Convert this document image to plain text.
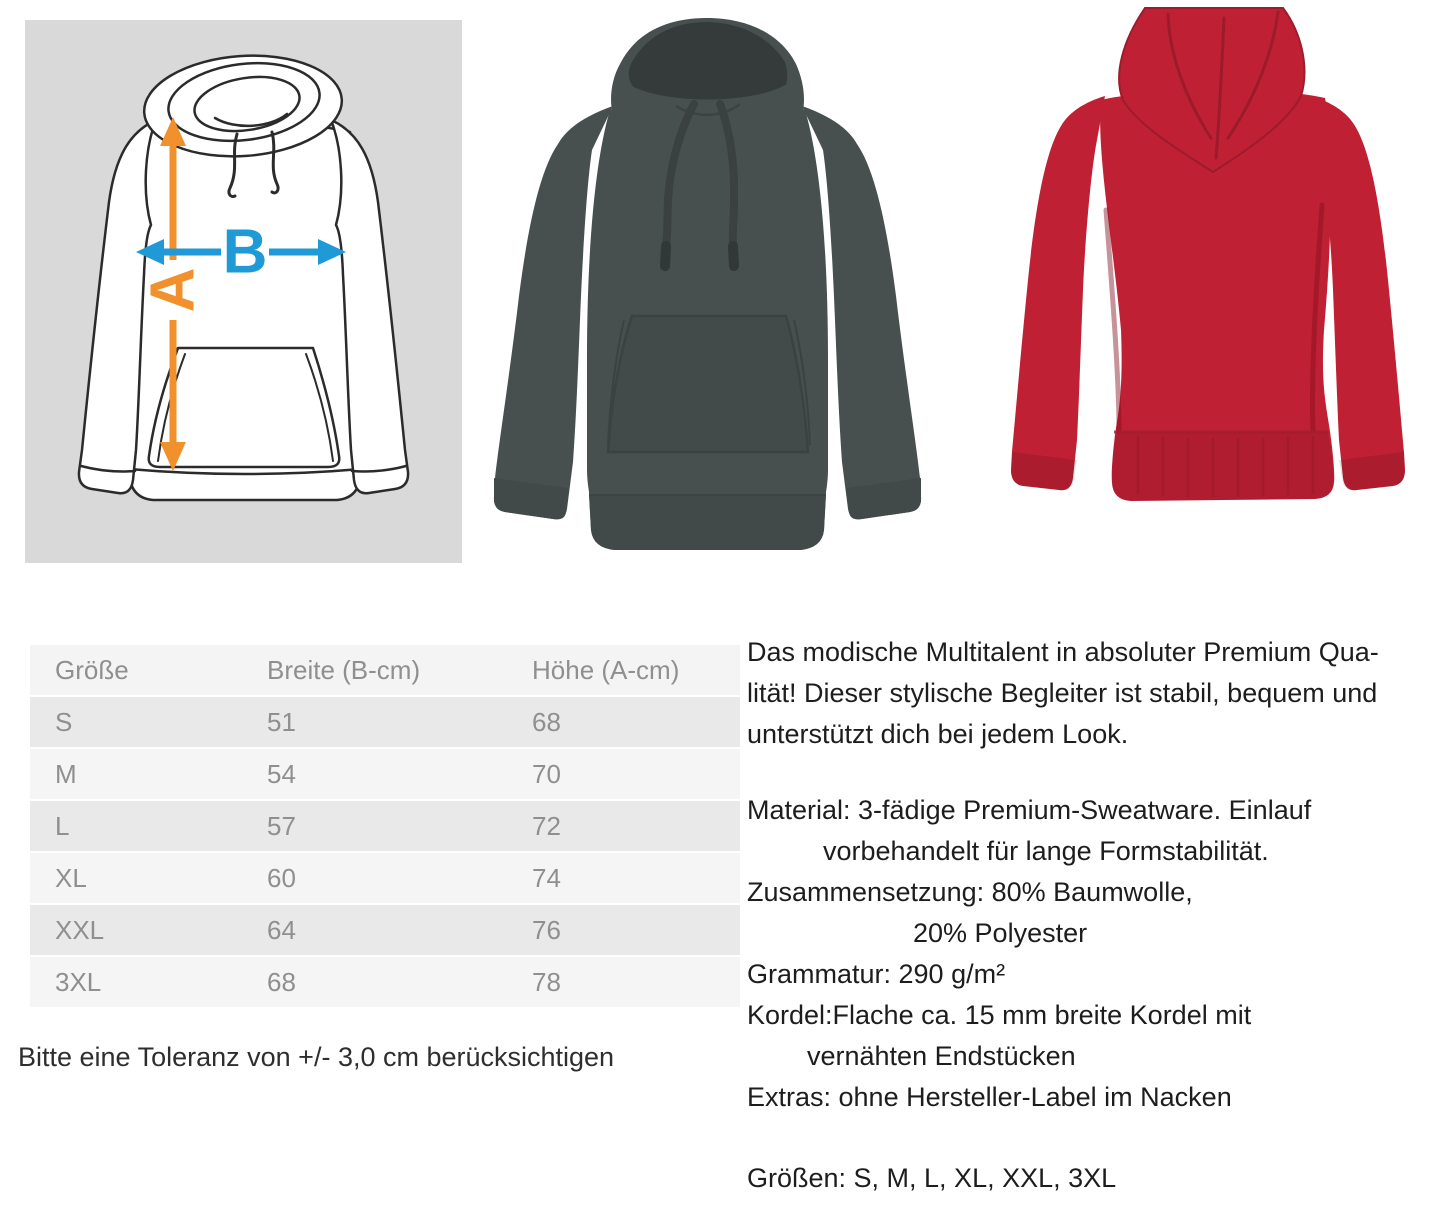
A
B
Größe	Breite (B-cm)	Höhe (A-cm)
S	51	68
M	54	70
L	57	72
XL	60	74
XXL	64	76
3XL	68	78
Bitte eine Toleranz von +/- 3,0 cm berücksichtigen
Das modische Multitalent in absoluter Premium Qua-
lität! Dieser stylische Begleiter ist stabil, bequem und
unterstützt dich bei jedem Look.
Material: 3-fädige Premium-Sweatware. Einlauf
vorbehandelt für lange Formstabilität.
Zusammensetzung: 80% Baumwolle,
20% Polyester
Grammatur: 290 g/m²
Kordel:Flache ca. 15 mm breite Kordel mit
vernähten Endstücken
Extras: ohne Hersteller-Label im Nacken
Größen: S, M, L, XL, XXL, 3XL
